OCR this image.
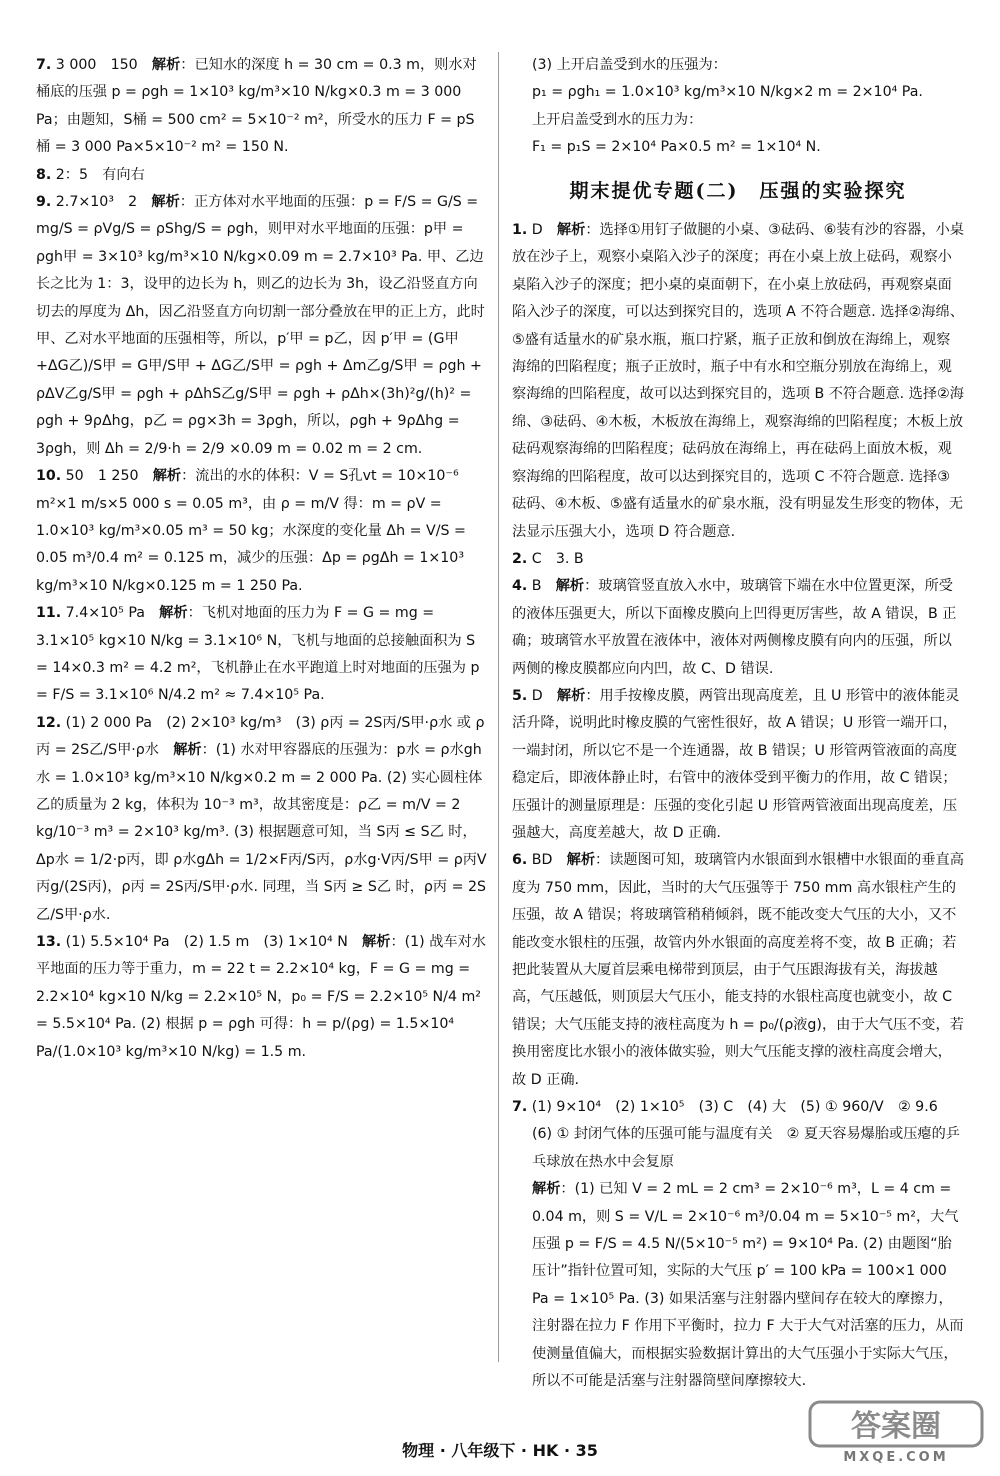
7. 3 000　150　 解析：已知水的深度 h = 30 cm = 0.3 m，则水对桶底的压强 p = ρgh = 1×10³ kg/m³×10 N/kg×0.3 m = 3 000 Pa；由题知，S桶 = 500 cm² = 5×10⁻² m²，所受水的压力 F = pS桶 = 3 000 Pa×5×10⁻² m² = 150 N.
8. 2：5　有向右　
9. 2.7×10³　2　 解析：正方体对水平地面的压强：p = F/S = G/S = mg/S = ρVg/S = ρShg/S = ρgh，则甲对水平地面的压强：p甲 = ρgh甲 = 3×10³ kg/m³×10 N/kg×0.09 m = 2.7×10³ Pa. 甲、乙边长之比为 1：3，设甲的边长为 h，则乙的边长为 3h，设乙沿竖直方向切去的厚度为 Δh，因乙沿竖直方向切割一部分叠放在甲的正上方，此时甲、乙对水平地面的压强相等，所以，p′甲 = p乙，因 p′甲 = (G甲+ΔG乙)/S甲 = G甲/S甲 + ΔG乙/S甲 = ρgh + Δm乙g/S甲 = ρgh + ρΔV乙g/S甲 = ρgh + ρΔhS乙g/S甲 = ρgh + ρΔh×(3h)²g/(h)² = ρgh + 9ρΔhg，p乙 = ρg×3h = 3ρgh，所以，ρgh + 9ρΔhg = 3ρgh，则 Δh = 2/9·h = 2/9 ×0.09 m = 0.02 m = 2 cm.
10. 50　1 250　 解析：流出的水的体积：V = S孔vt = 10×10⁻⁶ m²×1 m/s×5 000 s = 0.05 m³，由 ρ = m/V 得：m = ρV = 1.0×10³ kg/m³×0.05 m³ = 50 kg；水深度的变化量 Δh = V/S = 0.05 m³/0.4 m² = 0.125 m，减少的压强：Δp = ρgΔh = 1×10³ kg/m³×10 N/kg×0.125 m = 1 250 Pa.
11. 7.4×10⁵ Pa　 解析：飞机对地面的压力为 F = G = mg = 3.1×10⁵ kg×10 N/kg = 3.1×10⁶ N，飞机与地面的总接触面积为 S = 14×0.3 m² = 4.2 m²，飞机静止在水平跑道上时对地面的压强为 p = F/S = 3.1×10⁶ N/4.2 m² ≈ 7.4×10⁵ Pa.
12. (1) 2 000 Pa　(2) 2×10³ kg/m³　(3) ρ丙 = 2S丙/S甲·ρ水 或 ρ丙 = 2S乙/S甲·ρ水　 解析：(1) 水对甲容器底的压强为：p水 = ρ水gh水 = 1.0×10³ kg/m³×10 N/kg×0.2 m = 2 000 Pa. (2) 实心圆柱体乙的质量为 2 kg，体积为 10⁻³ m³，故其密度是：ρ乙 = m/V = 2 kg/10⁻³ m³ = 2×10³ kg/m³. (3) 根据题意可知，当 S丙 ≤ S乙 时，Δp水 = 1/2·p丙，即 ρ水gΔh = 1/2×F丙/S丙，ρ水g·V丙/S甲 = ρ丙V丙g/(2S丙)，ρ丙 = 2S丙/S甲·ρ水. 同理，当 S丙 ≥ S乙 时，ρ丙 = 2S乙/S甲·ρ水.
13. (1) 5.5×10⁴ Pa　(2) 1.5 m　(3) 1×10⁴ N　 解析：(1) 战车对水平地面的压力等于重力，m = 22 t = 2.2×10⁴ kg，F = G = mg = 2.2×10⁴ kg×10 N/kg = 2.2×10⁵ N，p₀ = F/S = 2.2×10⁵ N/4 m² = 5.5×10⁴ Pa. (2) 根据 p = ρgh 可得：h = p/(ρg) = 1.5×10⁴ Pa/(1.0×10³ kg/m³×10 N/kg) = 1.5 m.
(3) 上开启盖受到水的压强为：
p₁ = ρgh₁ = 1.0×10³ kg/m³×10 N/kg×2 m = 2×10⁴ Pa.
上开启盖受到水的压力为：
F₁ = p₁S = 2×10⁴ Pa×0.5 m² = 1×10⁴ N.
期末提优专题(二)　压强的实验探究
1. D　 解析：选择①用钉子做腿的小桌、③砝码、⑥装有沙的容器，小桌放在沙子上，观察小桌陷入沙子的深度；再在小桌上放上砝码，观察小桌陷入沙子的深度；把小桌的桌面朝下，在小桌上放砝码，再观察桌面陷入沙子的深度，可以达到探究目的，选项 A 不符合题意. 选择②海绵、⑤盛有适量水的矿泉水瓶，瓶口拧紧，瓶子正放和倒放在海绵上，观察海绵的凹陷程度；瓶子正放时，瓶子中有水和空瓶分别放在海绵上，观察海绵的凹陷程度，故可以达到探究目的，选项 B 不符合题意. 选择②海绵、③砝码、④木板，木板放在海绵上，观察海绵的凹陷程度；木板上放砝码观察海绵的凹陷程度；砝码放在海绵上，再在砝码上面放木板，观察海绵的凹陷程度，故可以达到探究目的，选项 C 不符合题意. 选择③砝码、④木板、⑤盛有适量水的矿泉水瓶，没有明显发生形变的物体，无法显示压强大小，选项 D 符合题意.
2. C　3. B　
4. B　 解析：玻璃管竖直放入水中，玻璃管下端在水中位置更深，所受的液体压强更大，所以下面橡皮膜向上凹得更厉害些，故 A 错误，B 正确；玻璃管水平放置在液体中，液体对两侧橡皮膜有向内的压强，所以两侧的橡皮膜都应向内凹，故 C、D 错误.
5. D　 解析：用手按橡皮膜，两管出现高度差，且 U 形管中的液体能灵活升降，说明此时橡皮膜的气密性很好，故 A 错误；U 形管一端开口，一端封闭，所以它不是一个连通器，故 B 错误；U 形管两管液面的高度稳定后，即液体静止时，右管中的液体受到平衡力的作用，故 C 错误；压强计的测量原理是：压强的变化引起 U 形管两管液面出现高度差，压强越大，高度差越大，故 D 正确.
6. BD　 解析：读题图可知，玻璃管内水银面到水银槽中水银面的垂直高度为 750 mm，因此，当时的大气压强等于 750 mm 高水银柱产生的压强，故 A 错误；将玻璃管稍稍倾斜，既不能改变大气压的大小，又不能改变水银柱的压强，故管内外水银面的高度差将不变，故 B 正确；若把此装置从大厦首层乘电梯带到顶层，由于气压跟海拔有关，海拔越高，气压越低，则顶层大气压小，能支持的水银柱高度也就变小，故 C 错误；大气压能支持的液柱高度为 h = p₀/(ρ液g)，由于大气压不变，若换用密度比水银小的液体做实验，则大气压能支撑的液柱高度会增大，故 D 正确.
7. (1) 9×10⁴　(2) 1×10⁵　(3) C　(4) 大　(5) ① 960/V　② 9.6　
(6) ① 封闭气体的压强可能与温度有关　② 夏天容易爆胎或压瘪的乒乓球放在热水中会复原
解析：(1) 已知 V = 2 mL = 2 cm³ = 2×10⁻⁶ m³，L = 4 cm = 0.04 m，则 S = V/L = 2×10⁻⁶ m³/0.04 m = 5×10⁻⁵ m²，大气压强 p = F/S = 4.5 N/(5×10⁻⁵ m²) = 9×10⁴ Pa. (2) 由题图“胎压计”指针位置可知，实际的大气压 p′ = 100 kPa = 100×1 000 Pa = 1×10⁵ Pa. (3) 如果活塞与注射器内壁间存在较大的摩擦力，注射器在拉力 F 作用下平衡时，拉力 F 大于大气对活塞的压力，从而使测量值偏大，而根据实验数据计算出的大气压强小于实际大气压，所以不可能是活塞与注射器筒壁间摩擦较大.
物理 · 八年级下 · HK · 35
答案圈
MXQE.COM
